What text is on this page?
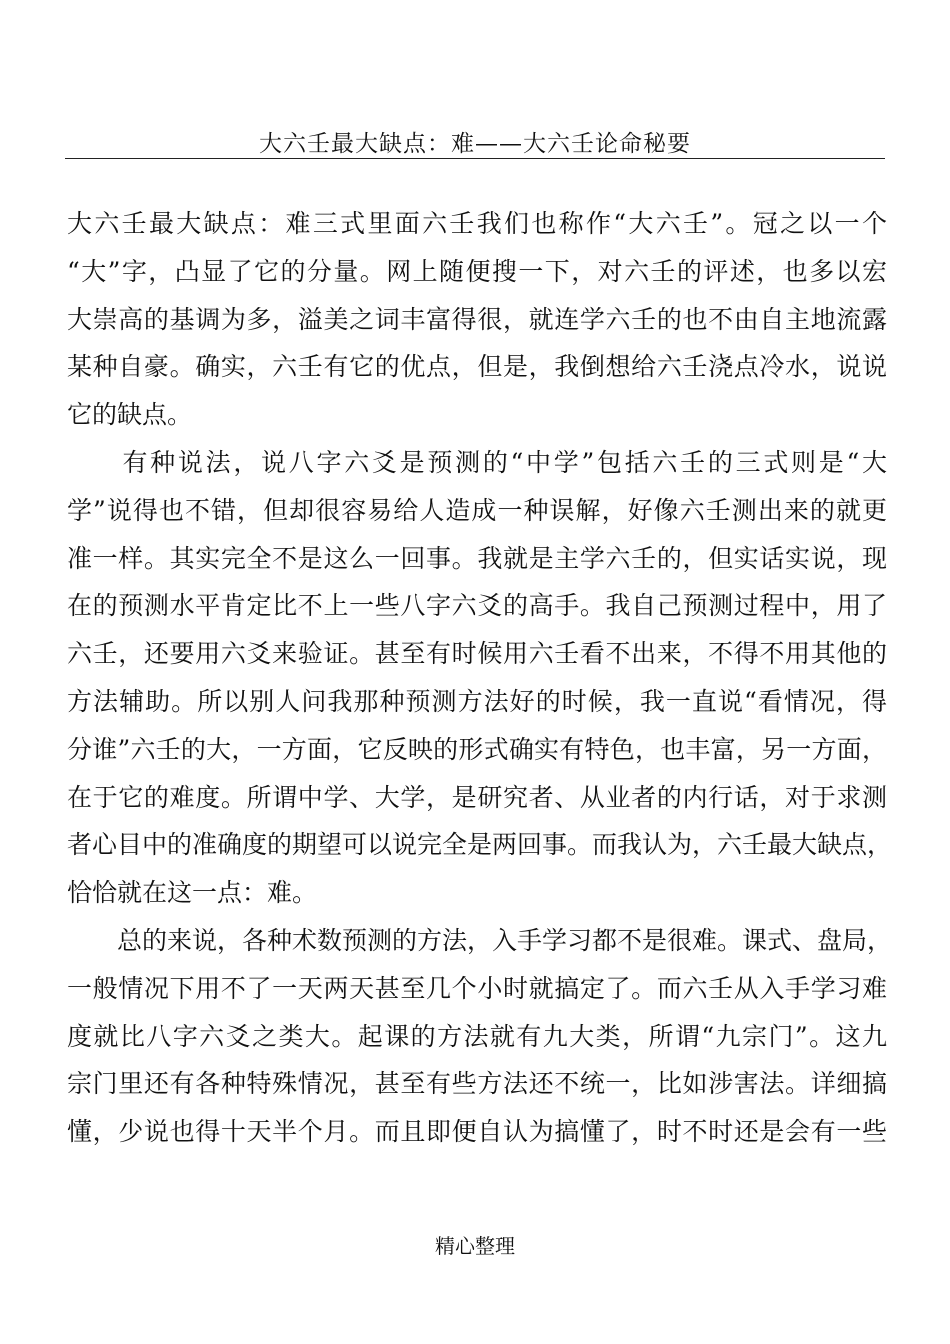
大六壬最大缺点：难——大六壬论命秘要
大六壬最大缺点：难三式里面六壬我们也称作“大六壬”。冠之以一个
“大”字，凸显了它的分量。网上随便搜一下，对六壬的评述，也多以宏
大崇高的基调为多，溢美之词丰富得很，就连学六壬的也不由自主地流露
某种自豪。确实，六壬有它的优点，但是，我倒想给六壬浇点冷水，说说
它的缺点。
　　有种说法，说八字六爻是预测的“中学”包括六壬的三式则是“大
学”说得也不错，但却很容易给人造成一种误解，好像六壬测出来的就更
准一样。其实完全不是这么一回事。我就是主学六壬的，但实话实说，现
在的预测水平肯定比不上一些八字六爻的高手。我自己预测过程中，用了
六壬，还要用六爻来验证。甚至有时候用六壬看不出来，不得不用其他的
方法辅助。所以别人问我那种预测方法好的时候，我一直说“看情况，得
分谁”六壬的大，一方面，它反映的形式确实有特色，也丰富，另一方面，
在于它的难度。所谓中学、大学，是研究者、从业者的内行话，对于求测
者心目中的准确度的期望可以说完全是两回事。而我认为，六壬最大缺点，
恰恰就在这一点：难。
　　总的来说，各种术数预测的方法，入手学习都不是很难。课式、盘局，
一般情况下用不了一天两天甚至几个小时就搞定了。而六壬从入手学习难
度就比八字六爻之类大。起课的方法就有九大类，所谓“九宗门”。这九
宗门里还有各种特殊情况，甚至有些方法还不统一，比如涉害法。详细搞
懂，少说也得十天半个月。而且即便自认为搞懂了，时不时还是会有一些
精心整理
